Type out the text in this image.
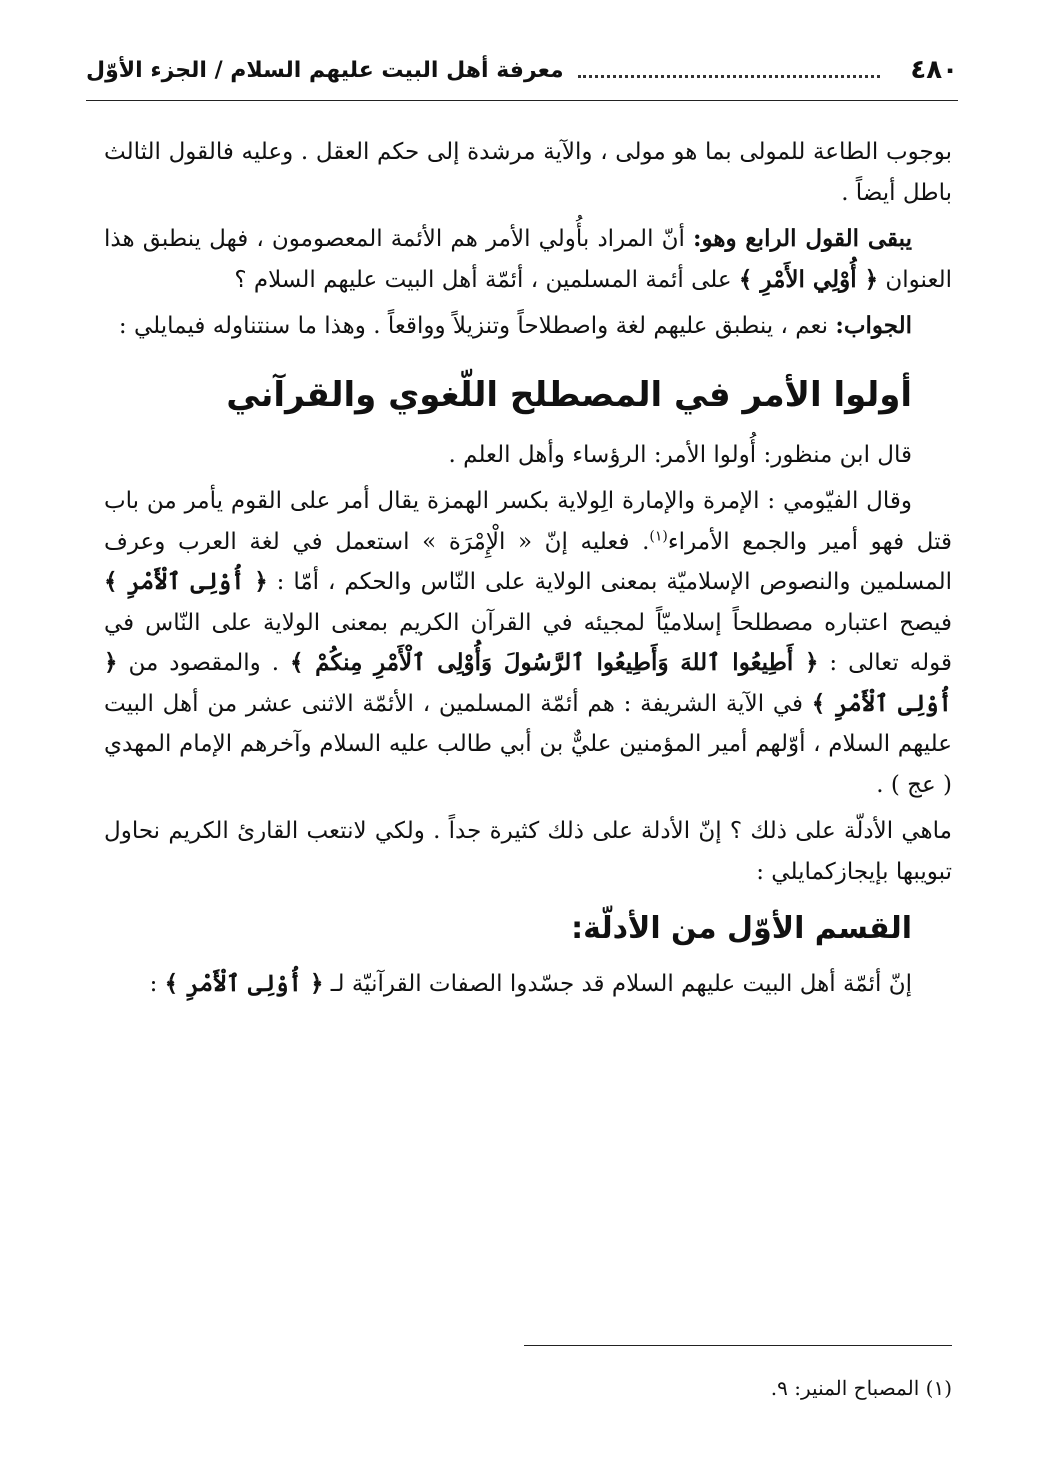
٤٨٠
معرفة أهل البيت عليهم السلام / الجزء الأوّل

بوجوب الطاعة للمولى بما هو مولى ، والآية مرشدة إلى حكم العقل . وعليه فالقول الثالث باطل أيضاً .

يبقى القول الرابع وهو: أنّ المراد بأُولي الأمر هم الأئمة المعصومون ، فهل ينطبق هذا العنوان ﴿ أُوْلِي الأَمْرِ ﴾ على أئمة المسلمين ، أئمّة أهل البيت عليهم السلام ؟

الجواب: نعم ، ينطبق عليهم لغة واصطلاحاً وتنزيلاً وواقعاً . وهذا ما سنتناوله فيمايلي :

أولوا الأمر في المصطلح اللّغوي والقرآني

قال ابن منظور: أُولوا الأمر: الرؤساء وأهل العلم .

وقال الفيّومي : الإمرة والإمارة الِولاية بكسر الهمزة يقال أمر على القوم يأمر من باب قتل فهو أمير والجمع الأمراء$^{(١)}$. فعليه إنّ « الْإِمْرَة » استعمل في لغة العرب وعرف المسلمين والنصوص الإسلاميّة بمعنى الولاية على النّاس والحكم ، أمّا : ﴿ أُوْلِى ٱلْأَمْرِ ﴾ فيصح اعتباره مصطلحاً إسلاميّاً لمجيئه في القرآن الكريم بمعنى الولاية على النّاس في قوله تعالى : ﴿ أَطِيعُوا ٱللهَ وَأَطِيعُوا ٱلرَّسُولَ وَأُوْلِى ٱلْأَمْرِ مِنكُمْ ﴾ . والمقصود من ﴿ أُوْلِى ٱلْأَمْرِ ﴾ في الآية الشريفة : هم أئمّة المسلمين ، الأئمّة الاثنى عشر من أهل البيت عليهم السلام ، أوّلهم أمير المؤمنين عليٌّ بن أبي طالب عليه السلام وآخرهم الإمام المهدي ( عج ) .

ماهي الأدلّة على ذلك ؟ إنّ الأدلة على ذلك كثيرة جداً . ولكي لانتعب القارئ الكريم نحاول تبويبها بإيجازكمايلي :

القسم الأوّل من الأدلّة:

إنّ أئمّة أهل البيت عليهم السلام قد جسّدوا الصفات القرآنيّة لـ ﴿ أُوْلِى ٱلْأَمْرِ ﴾ :

(١) المصباح المنير: ٩.
